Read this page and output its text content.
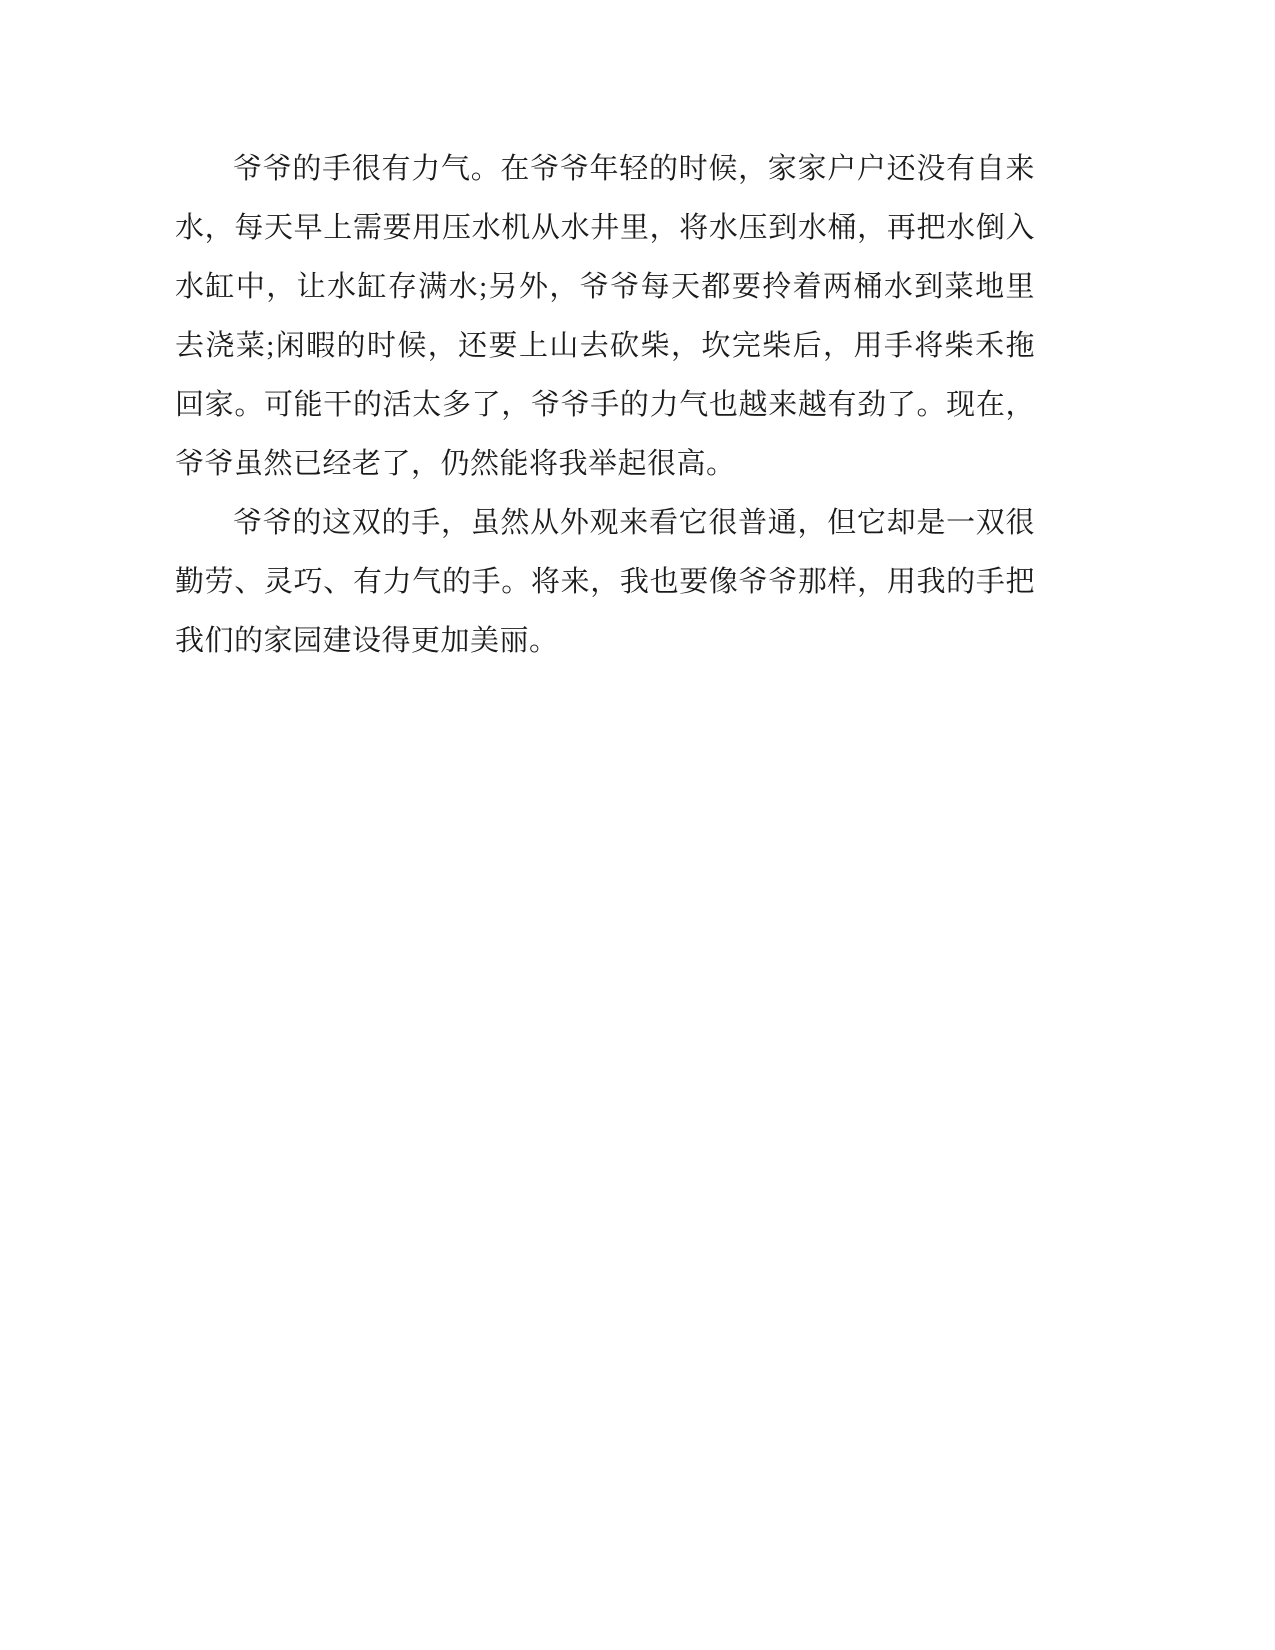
爷爷的手很有力气。在爷爷年轻的时候，家家户户还没有自来水，每天早上需要用压水机从水井里，将水压到水桶，再把水倒入水缸中，让水缸存满水;另外，爷爷每天都要拎着两桶水到菜地里去浇菜;闲暇的时候，还要上山去砍柴，坎完柴后，用手将柴禾拖回家。可能干的活太多了，爷爷手的力气也越来越有劲了。现在，爷爷虽然已经老了，仍然能将我举起很高。

爷爷的这双的手，虽然从外观来看它很普通，但它却是一双很勤劳、灵巧、有力气的手。将来，我也要像爷爷那样，用我的手把我们的家园建设得更加美丽。
